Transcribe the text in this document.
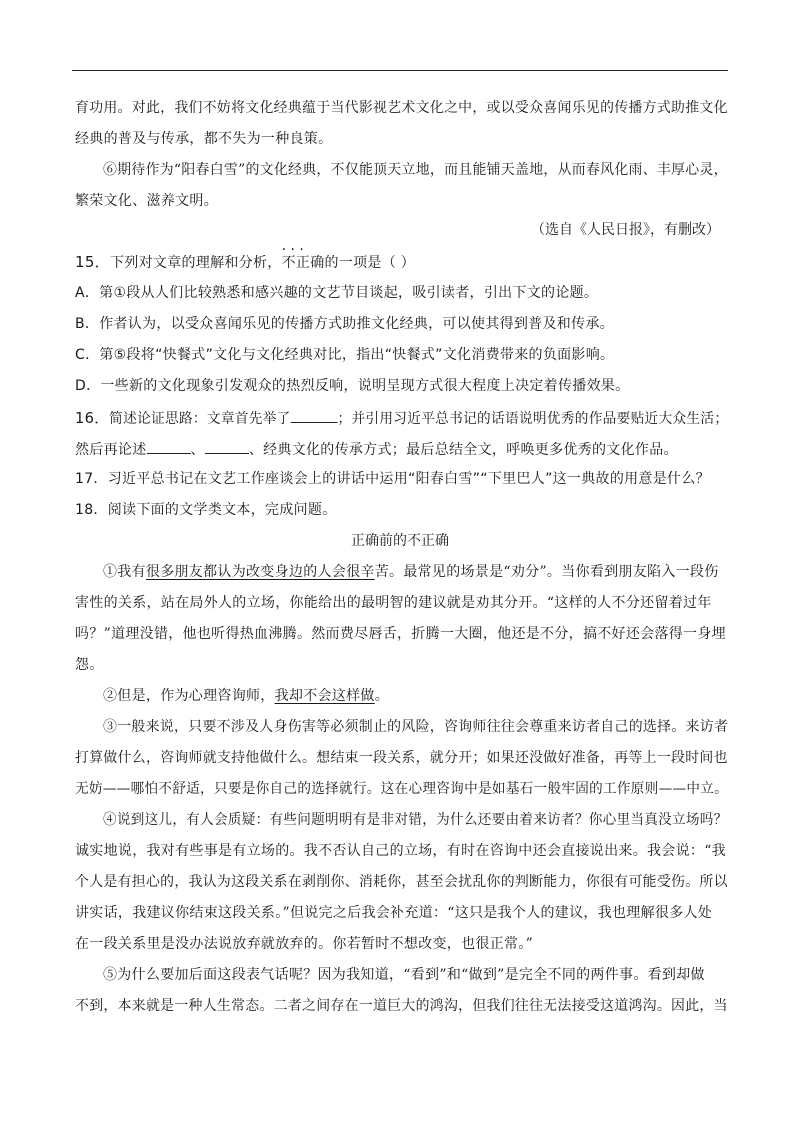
育功用。对此，我们不妨将文化经典蕴于当代影视艺术文化之中，或以受众喜闻乐见的传播方式助推文化
经典的普及与传承，都不失为一种良策。
⑥期待作为“阳春白雪”的文化经典，不仅能顶天立地，而且能铺天盖地，从而春风化雨、丰厚心灵，
繁荣文化、滋养文明。
（选自《人民日报》，有删改）
15．下列对文章的理解和分析，· · · 不正确的一项是（ ）
A．第①段从人们比较熟悉和感兴趣的文艺节目谈起，吸引读者，引出下文的论题。
B．作者认为，以受众喜闻乐见的传播方式助推文化经典，可以使其得到普及和传承。
C．第⑤段将“快餐式”文化与文化经典对比，指出“快餐式”文化消费带来的负面影响。
D．一些新的文化现象引发观众的热烈反响，说明呈现方式很大程度上决定着传播效果。
16．简述论证思路：文章首先举了	；并引用习近平总书记的话语说明优秀的作品要贴近大众生活；
然后再论述	、	、经典文化的传承方式；最后总结全文，呼唤更多优秀的文化作品。
17．习近平总书记在文艺工作座谈会上的讲话中运用“阳春白雪”“下里巴人”这一典故的用意是什么？
18．阅读下面的文学类文本，完成问题。
正确前的不正确
①我有很多朋友都认为改变身边的人会很辛苦。最常见的场景是“劝分”。当你看到朋友陷入一段伤
害性的关系，站在局外人的立场，你能给出的最明智的建议就是劝其分开。“这样的人不分还留着过年
吗？”道理没错，他也听得热血沸腾。然而费尽唇舌，折腾一大圈，他还是不分，搞不好还会落得一身埋
怨。
②但是，作为心理咨询师，我却不会这样做。
③一般来说，只要不涉及人身伤害等必须制止的风险，咨询师往往会尊重来访者自己的选择。来访者
打算做什么，咨询师就支持他做什么。想结束一段关系，就分开；如果还没做好准备，再等上一段时间也
无妨——哪怕不舒适，只要是你自己的选择就行。这在心理咨询中是如基石一般牢固的工作原则——中立。
④说到这儿，有人会质疑：有些问题明明有是非对错，为什么还要由着来访者？你心里当真没立场吗？
诚实地说，我对有些事是有立场的。我不否认自己的立场，有时在咨询中还会直接说出来。我会说：“我
个人是有担心的，我认为这段关系在剥削你、消耗你，甚至会扰乱你的判断能力，你很有可能受伤。所以
讲实话，我建议你结束这段关系。”但说完之后我会补充道：“这只是我个人的建议，我也理解很多人处
在一段关系里是没办法说放弃就放弃的。你若暂时不想改变，也很正常。”
⑤为什么要加后面这段表气话呢？因为我知道，“看到”和“做到”是完全不同的两件事。看到却做
不到，本来就是一种人生常态。二者之间存在一道巨大的鸿沟，但我们往往无法接受这道鸿沟。因此，当
